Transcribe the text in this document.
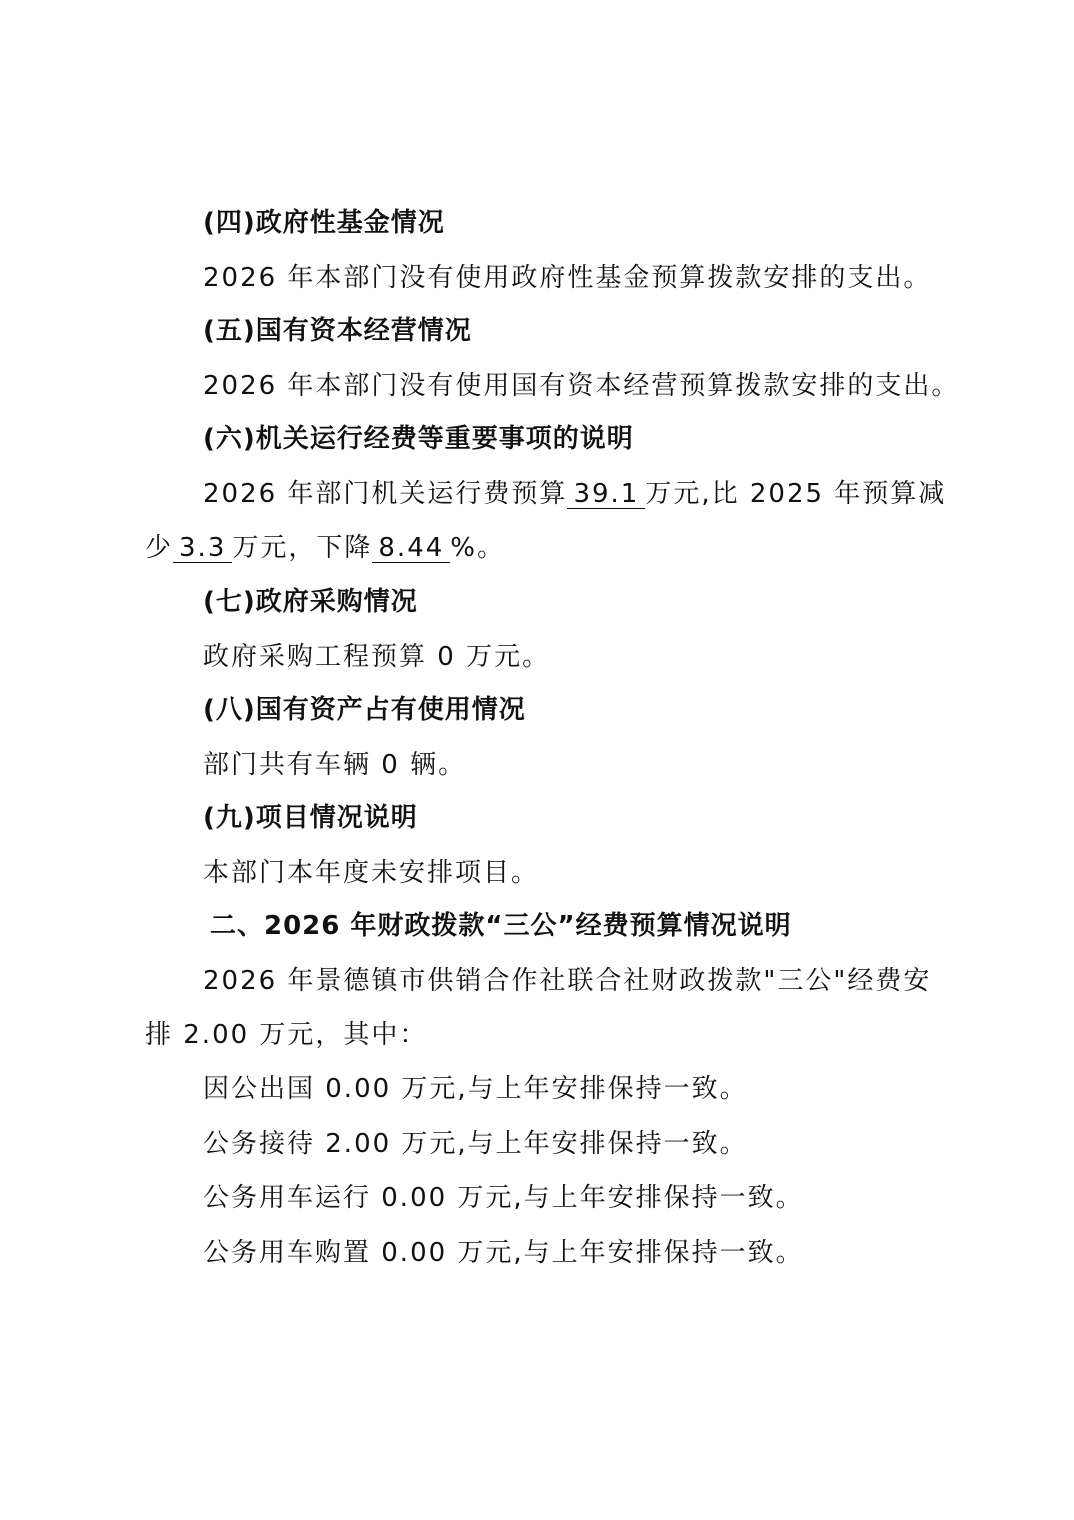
(四)政府性基金情况
2026 年本部门没有使用政府性基金预算拨款安排的支出。
(五)国有资本经营情况
2026 年本部门没有使用国有资本经营预算拨款安排的支出。
(六)机关运行经费等重要事项的说明
2026 年部门机关运行费预算 39.1 万元,比 2025 年预算减
少 3.3 万元，下降 8.44 %。
(七)政府采购情况
政府采购工程预算 0 万元。
(八)国有资产占有使用情况
部门共有车辆 0 辆。
(九)项目情况说明
本部门本年度未安排项目。
二、2026 年财政拨款“三公”经费预算情况说明
2026 年景德镇市供销合作社联合社财政拨款"三公"经费安
排 2.00 万元，其中：
因公出国 0.00 万元,与上年安排保持一致。
公务接待 2.00 万元,与上年安排保持一致。
公务用车运行 0.00 万元,与上年安排保持一致。
公务用车购置 0.00 万元,与上年安排保持一致。
